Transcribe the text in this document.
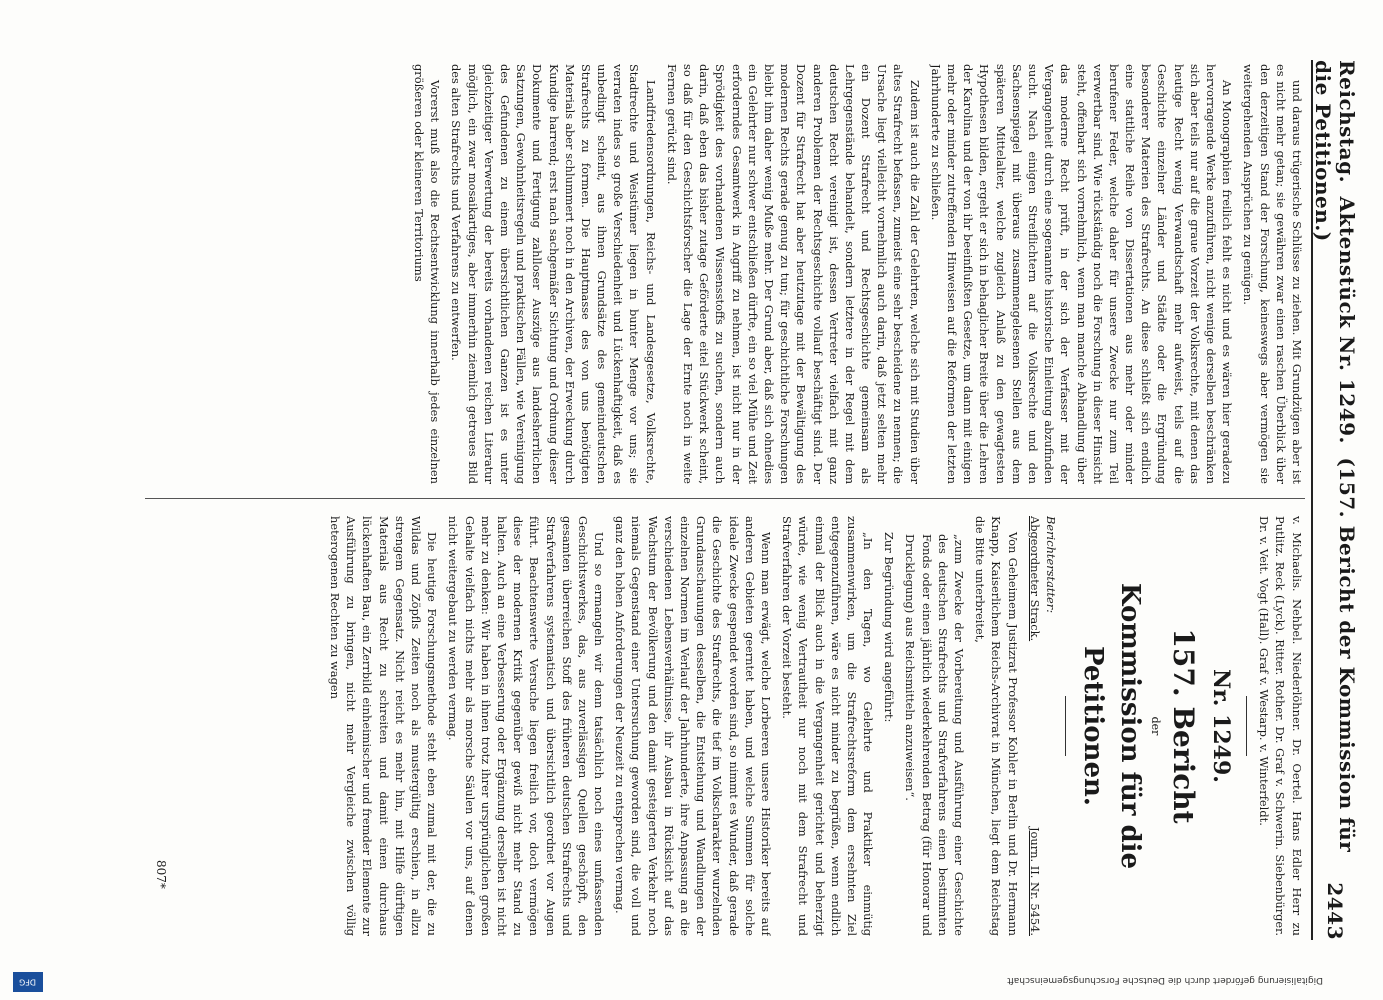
Reichstag. Aktenstück Nr. 1249. (157. Bericht der Kommission für die Petitionen.)
2443

und daraus trügerische Schlüsse zu ziehen. Mit Grundzügen aber ist es nicht mehr getan; sie gewähren zwar einen raschen Überblick über den derzeitigen Stand der Forschung, keineswegs aber vermögen sie weitergehenden Ansprüchen zu genügen.

An Monographien freilich fehlt es nicht und es wären hier geradezu hervorragende Werke anzuführen, nicht wenige derselben beschränken sich aber teils nur auf die graue Vorzeit der Volksrechte, mit denen das heutige Recht wenig Verwandtschaft mehr aufweist, teils auf die Geschichte einzelner Länder und Städte oder die Ergründung besonderer Materien des Strafrechts. An diese schließt sich endlich eine stattliche Reihe von Dissertationen aus mehr oder minder berufener Feder, welche daher für unsere Zwecke nur zum Teil verwertbar sind. Wie rückständig noch die Forschung in dieser Hinsicht steht, offenbart sich vornehmlich, wenn man manche Abhandlung über das moderne Recht prüft, in der sich der Verfasser mit der Vergangenheit durch eine sogenannte historische Einleitung abzufinden sucht. Nach einigen Streiflichtern auf die Volksrechte und den Sachsenspiegel mit überaus zusammengelesenen Stellen aus dem späteren Mittelalter, welche zugleich Anlaß zu den gewagtesten Hypothesen bilden, ergeht er sich in behaglicher Breite über die Lehren der Karolina und der von ihr beeinflußten Gesetze, um dann mit einigen mehr oder minder zutreffenden Hinweisen auf die Reformen der letzten Jahrhunderte zu schließen.

Zudem ist auch die Zahl der Gelehrten, welche sich mit Studien über altes Strafrecht befassen, zumeist eine sehr bescheidene zu nennen; die Ursache liegt vielleicht vornehmlich auch darin, daß jetzt selten mehr ein Dozent Strafrecht und Rechtsgeschichte gemeinsam als Lehrgegenstände behandelt, sondern letztere in der Regel mit dem deutschen Recht vereinigt ist, dessen Vertreter vielfach mit ganz anderen Problemen der Rechtsgeschichte vollauf beschäftigt sind. Der Dozent für Strafrecht hat aber heutzutage mit der Bewältigung des modernen Rechts gerade genug zu tun; für geschichtliche Forschungen bleibt ihm daher wenig Muße mehr. Der Grund aber, daß sich ohnedies ein Gelehrter nur schwer entschließen dürfte, ein so viel Mühe und Zeit erforderndes Gesamtwerk in Angriff zu nehmen, ist nicht nur in der Sprödigkeit des vorhandenen Wissensstoffs zu suchen, sondern auch darin, daß eben das bisher zutage Geförderte eitel Stückwerk scheint, so daß für den Geschichtsforscher die Lage der Ernte noch in weite Fernen gerückt sind.

Landfriedensordnungen, Reichs- und Landesgesetze, Volksrechte, Stadtrechte und Weistümer liegen in bunter Menge vor uns; sie verraten indes so große Verschiedenheit und Lückenhaftigkeit, daß es unbedingt scheint, aus ihnen Grundsätze des gemeindeutschen Strafrechts zu formen. Die Hauptmasse des von uns benötigten Materials aber schlummert noch in den Archiven, der Erweckung durch Kundige harrend; erst nach sachgemäßer Sichtung und Ordnung dieser Dokumente und Fertigung zahlloser Auszüge aus landesherrlichen Satzungen, Gewohnheitsregeln und praktischen Fällen, wie Vereinigung des Gefundenen zu einem übersichtlichen Ganzen ist es unter gleichzeitiger Verwertung der bereits vorhandenen reichen Literatur möglich, ein zwar mosaikartiges, aber immerhin ziemlich getreues Bild des alten Strafrechts und Verfahrens zu entwerfen.

Vorerst muß also die Rechtsentwicklung innerhalb jedes einzelnen größeren oder kleineren Territoriums

v. Michaelis. Nehbel. Niederlöhner. Dr. Oertel. Hans Edler Herr zu Putlitz. Reck (Lyck). Ritter. Rother. Dr. Graf v. Schwerin. Siebenbürger. Dr. v. Veit. Vogt (Hall). Graf v. Westarp. v. Winterfeldt.

Nr. 1249.

157. Bericht

der

Kommission für die Petitionen.

Berichterstatter:

Abgeordneter Strack.
Journ. II. Nr. 5454.

Von Geheimem Justizrat Professor Kohler in Berlin und Dr. Hermann Knapp, Kaiserlichem Reichs-Archivrat in München, liegt dem Reichstag die Bitte unterbreitet,

„zum Zwecke der Vorbereitung und Ausführung einer Geschichte des deutschen Strafrechts und Strafverfahrens einen bestimmten Fonds oder einen jährlich wiederkehrenden Betrag (für Honorar und Drucklegung) aus Reichsmitteln anzuweisen“.

Zur Begründung wird angeführt:

„In den Tagen, wo Gelehrte und Praktiker einmütig zusammenwirken, um die Strafrechtsreform dem ersehnten Ziel entgegenzuführen, wäre es nicht minder zu begrüßen, wenn endlich einmal der Blick auch in die Vergangenheit gerichtet und beherzigt würde, wie wenig Vertrautheit nur noch mit dem Strafrecht und Strafverfahren der Vorzeit besteht.

Wenn man erwägt, welche Lorbeeren unsere Historiker bereits auf anderen Gebieten geerntet haben, und welche Summen für solche ideale Zwecke gespendet worden sind, so nimmt es Wunder, daß gerade die Geschichte des Strafrechts, die tief im Volkscharakter wurzelnden Grundanschauungen desselben, die Entstehung und Wandlungen der einzelnen Normen im Verlauf der Jahrhunderte, ihre Anpassung an die verschiedenen Lebensverhältnisse, ihr Ausbau in Rücksicht auf das Wachstum der Bevölkerung und den damit gesteigerten Verkehr noch niemals Gegenstand einer Untersuchung geworden sind, die voll und ganz den hohen Anforderungen der Neuzeit zu entsprechen vermag.

Und so ermangeln wir denn tatsächlich noch eines umfassenden Geschichtswerkes, das, aus zuverlässigen Quellen geschöpft, den gesamten überreichen Stoff des früheren deutschen Strafrechts und Strafverfahrens systematisch und übersichtlich geordnet vor Augen führt. Beachtenswerte Versuche liegen freilich vor, doch vermögen diese der modernen Kritik gegenüber gewiß nicht mehr Stand zu halten. Auch an eine Verbesserung oder Ergänzung derselben ist nicht mehr zu denken: Wir haben in ihnen trotz ihrer ursprünglichen großen Gehalte vielfach nichts mehr als morsche Säulen vor uns, auf denen nicht weitergebaut zu werden vermag.

Die heutige Forschungsmethode steht eben zumal mit der, die zu Wildas und Zöpfls Zeiten noch als mustergültig erschien, in allzu strengem Gegensatz. Nicht reicht es mehr hin, mit Hilfe dürftigen Materials aus Recht zu schreiten und damit einen durchaus lückenhaften Bau, ein Zerrbild einheimischer und fremder Elemente zur Ausführung zu bringen, nicht mehr Vergleiche zwischen völlig heterogenen Rechten zu wagen

807*
Digitalisierung gefördert durch die Deutsche Forschungsgemeinschaft
DFG
